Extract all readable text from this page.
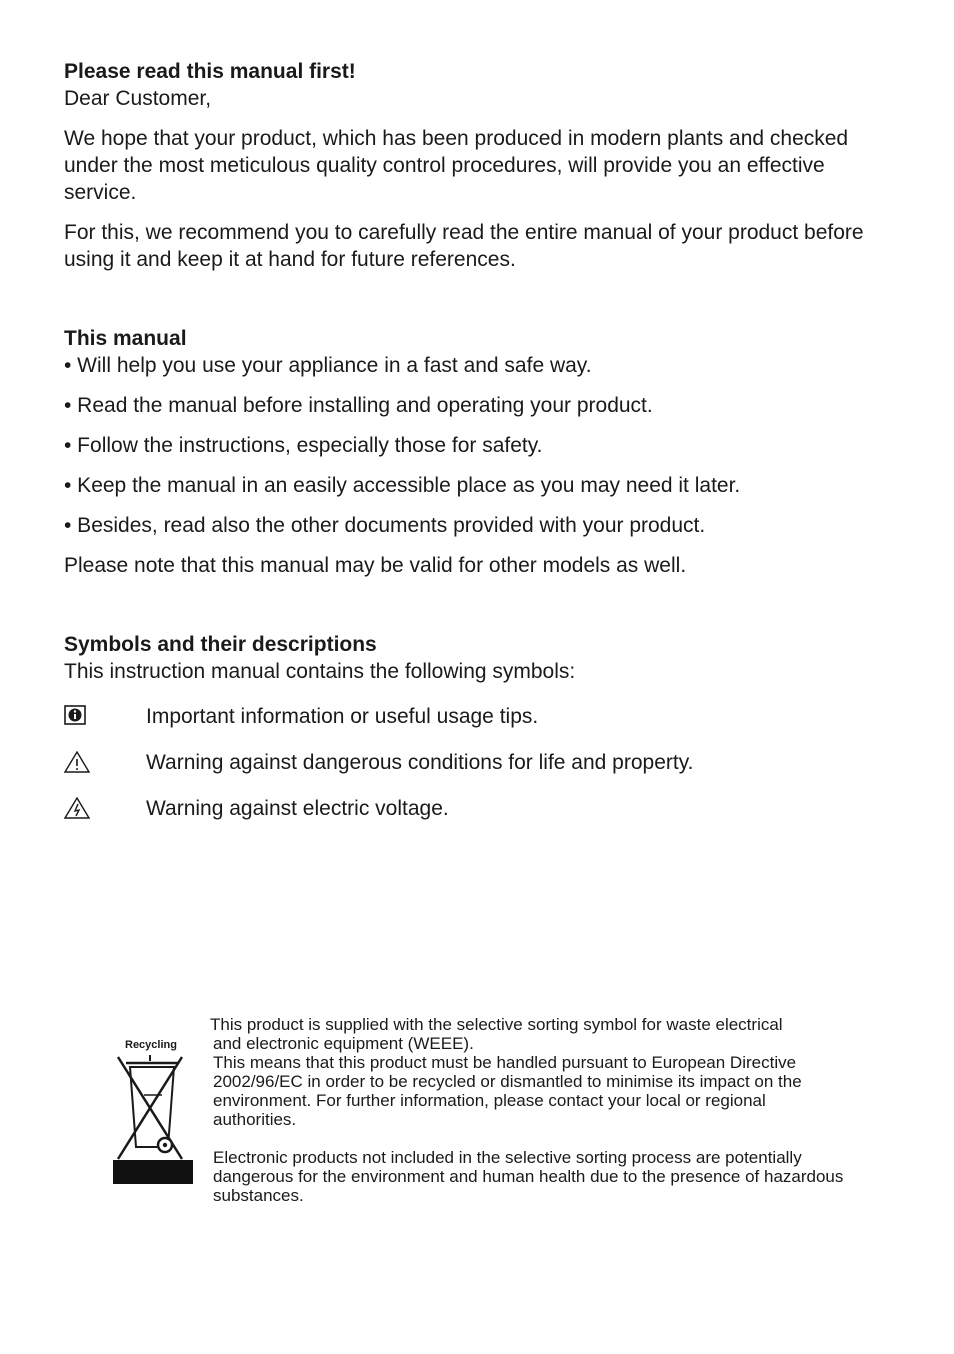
Please read this manual first!

Dear Customer,

We hope that your product, which has been produced in modern plants and checked under the most meticulous quality control procedures, will provide you an effective service.

For this, we recommend you to carefully read the entire manual of your product before using it and keep it at hand for future references.

This manual

• Will help you use your appliance in a fast and safe way.

• Read the manual before installing and operating your product.

• Follow the instructions, especially those for safety.

• Keep the manual in an easily accessible place as you may need it later.

• Besides, read also the other documents provided with your product.

Please note that this manual may be valid for other models as well.

Symbols and their descriptions

This instruction manual contains the following symbols:

Important information or useful usage tips.
Warning against dangerous conditions for life and property.
Warning against electric voltage.
Recycling

This product is supplied with the selective sorting symbol for waste electrical

and electronic equipment (WEEE).

This means that this product must be handled pursuant to European Directive 2002/96/EC in order to be recycled or dismantled to minimise its impact on the environment. For further information, please contact your local or regional authorities.

Electronic products not included in the selective sorting process are potentially dangerous for the environment and human health due to the presence of hazardous substances.
